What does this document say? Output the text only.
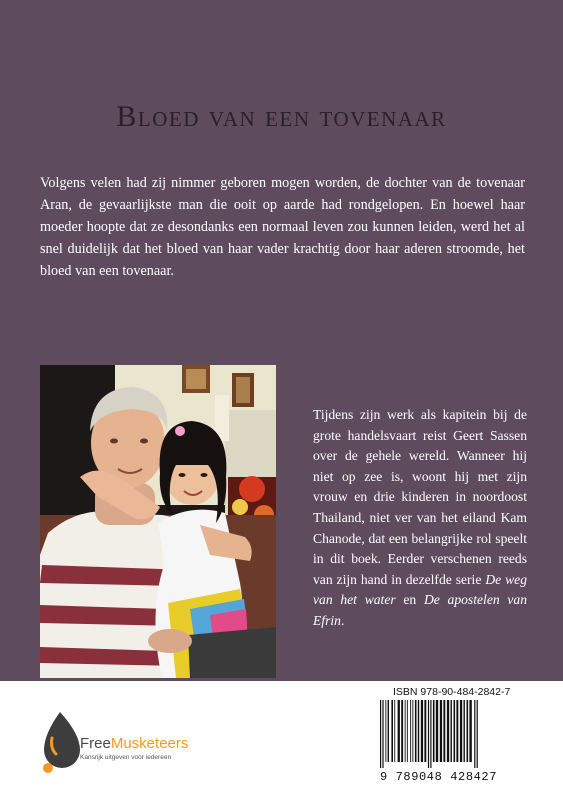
Bloed van een tovenaar

Volgens velen had zij nimmer geboren mogen worden, de dochter van de tovenaar Aran, de gevaarlijkste man die ooit op aarde had rondgelopen. En hoewel haar moeder hoopte dat ze desondanks een normaal leven zou kunnen leiden, werd het al snel duidelijk dat het bloed van haar vader krachtig door haar aderen stroomde, het bloed van een tovenaar.

Tijdens zijn werk als kapitein bij de grote handelsvaart reist Geert Sassen over de gehele wereld. Wanneer hij niet op zee is, woont hij met zijn vrouw en drie kinderen in noordoost Thailand, niet ver van het eiland Kam Chanode, dat een belangrijke rol speelt in dit boek. Eerder verschenen reeds van zijn hand in dezelfde serie De weg van het water en De apostelen van Efrin.

FreeMusketeers
Kansrijk uitgeven voor iedereen
ISBN 978-90-484-2842-7
9 789048 428427
